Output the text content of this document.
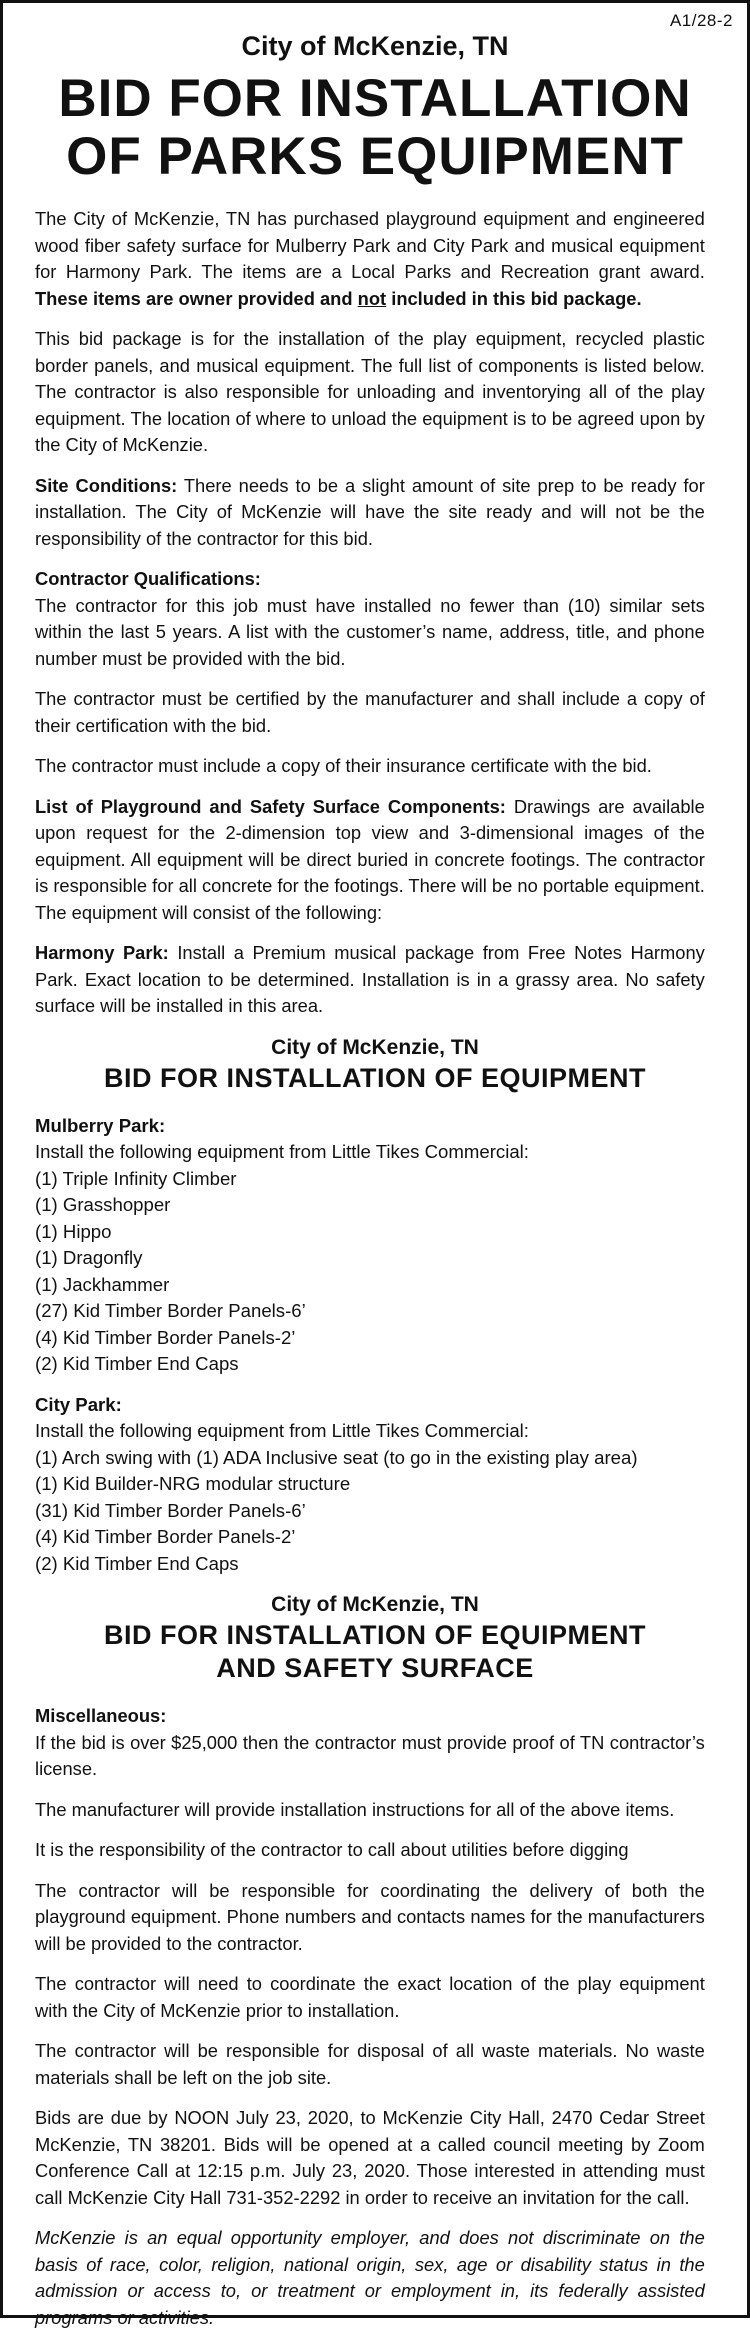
A1/28-2
City of McKenzie, TN
BID FOR INSTALLATION
OF PARKS EQUIPMENT

The City of McKenzie, TN has purchased playground equipment and engineered wood fiber safety surface for Mulberry Park and City Park and musical equipment for Harmony Park. The items are a Local Parks and Recreation grant award. These items are owner provided and not included in this bid package.

This bid package is for the installation of the play equipment, recycled plastic border panels, and musical equipment. The full list of components is listed below. The contractor is also responsible for unloading and inventorying all of the play equipment. The location of where to unload the equipment is to be agreed upon by the City of McKenzie.

Site Conditions: There needs to be a slight amount of site prep to be ready for installation. The City of McKenzie will have the site ready and will not be the responsibility of the contractor for this bid.

Contractor Qualifications:
The contractor for this job must have installed no fewer than (10) similar sets within the last 5 years. A list with the customer’s name, address, title, and phone number must be provided with the bid.

The contractor must be certified by the manufacturer and shall include a copy of their certification with the bid.

The contractor must include a copy of their insurance certificate with the bid.

List of Playground and Safety Surface Components: Drawings are available upon request for the 2-dimension top view and 3-dimensional images of the equipment. All equipment will be direct buried in concrete footings. The contractor is responsible for all concrete for the footings. There will be no portable equipment. The equipment will consist of the following:

Harmony Park: Install a Premium musical package from Free Notes Harmony Park. Exact location to be determined. Installation is in a grassy area. No safety surface will be installed in this area.

City of McKenzie, TN
BID FOR INSTALLATION OF EQUIPMENT
Mulberry Park:
Install the following equipment from Little Tikes Commercial:
(1) Triple Infinity Climber
(1) Grasshopper
(1) Hippo
(1) Dragonfly
(1) Jackhammer
(27) Kid Timber Border Panels-6’
(4) Kid Timber Border Panels-2’
(2) Kid Timber End Caps
City Park:
Install the following equipment from Little Tikes Commercial:
(1) Arch swing with (1) ADA Inclusive seat (to go in the existing play area)
(1) Kid Builder-NRG modular structure
(31) Kid Timber Border Panels-6’
(4) Kid Timber Border Panels-2’
(2) Kid Timber End Caps
City of McKenzie, TN
BID FOR INSTALLATION OF EQUIPMENT
AND SAFETY SURFACE

Miscellaneous:
If the bid is over $25,000 then the contractor must provide proof of TN contractor’s license.

The manufacturer will provide installation instructions for all of the above items.

It is the responsibility of the contractor to call about utilities before digging

The contractor will be responsible for coordinating the delivery of both the playground equipment. Phone numbers and contacts names for the manufacturers will be provided to the contractor.

The contractor will need to coordinate the exact location of the play equipment with the City of McKenzie prior to installation.

The contractor will be responsible for disposal of all waste materials. No waste materials shall be left on the job site.

Bids are due by NOON July 23, 2020, to McKenzie City Hall, 2470 Cedar Street McKenzie, TN 38201. Bids will be opened at a called council meeting by Zoom Conference Call at 12:15 p.m. July 23, 2020. Those interested in attending must call McKenzie City Hall 731-352-2292 in order to receive an invitation for the call.

McKenzie is an equal opportunity employer, and does not discriminate on the basis of race, color, religion, national origin, sex, age or disability status in the admission or access to, or treatment or employment in, its federally assisted programs or activities.
